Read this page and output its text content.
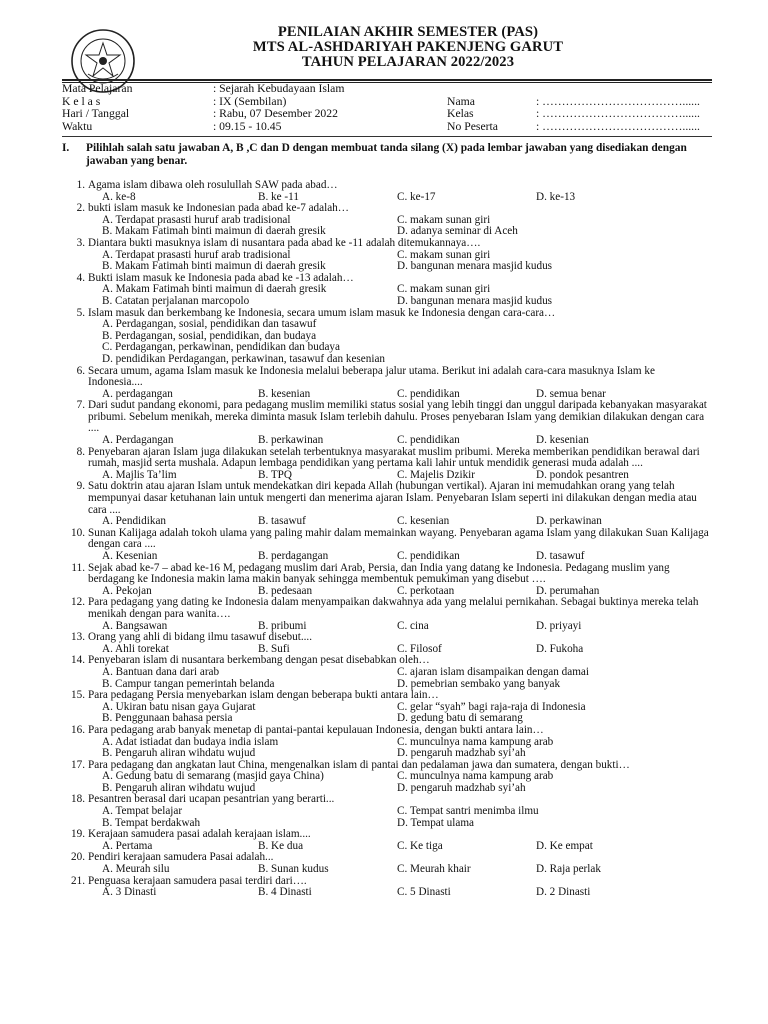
PENILAIAN AKHIR SEMESTER (PAS)
MTS AL-ASHDARIYAH PAKENJENG GARUT
TAHUN PELAJARAN 2022/2023
Mata Pelajaran	: Sejarah Kebudayaan Islam
K e l a s	: IX (Sembilan)	Nama	: ………………………………......
Hari / Tanggal	: Rabu, 07 Desember 2022	Kelas	: ………………………………......
Waktu	: 09.15 - 10.45	No Peserta	: ………………………………......
I. Pilihlah salah satu jawaban A, B ,C dan D dengan membuat tanda silang (X) pada lembar jawaban yang disediakan dengan jawaban yang benar.
1. Agama islam dibawa oleh rosulullah SAW pada abad…
A. ke-8	B. ke -11	C. ke-17	D. ke-13
2. bukti islam masuk ke Indonesian pada abad ke-7 adalah…
A. Terdapat prasasti huruf arab tradisional	C. makam sunan giri
B. Makam Fatimah binti maimun di daerah gresik	D. adanya seminar di Aceh
3. Diantara bukti masuknya islam di nusantara pada abad ke -11 adalah ditemukannaya….
A. Terdapat prasasti huruf arab tradisional	C. makam sunan giri
B. Makam Fatimah binti maimun di daerah gresik	D. bangunan menara masjid kudus
4. Bukti islam masuk ke Indonesia pada abad ke -13 adalah…
A. Makam Fatimah binti maimun di daerah gresik	C. makam sunan giri
B. Catatan perjalanan marcopolo	D. bangunan menara masjid kudus
5. Islam masuk dan berkembang ke Indonesia, secara umum islam masuk ke Indonesia dengan cara-cara…
A. Perdagangan, sosial, pendidikan dan tasawuf
B. Perdagangan, sosial, pendidikan, dan budaya
C. Perdagangan, perkawinan, pendidikan dan budaya
D. pendidikan Perdagangan, perkawinan, tasawuf dan kesenian
6. Secara umum, agama Islam masuk ke Indonesia melalui beberapa jalur utama. Berikut ini adalah cara-cara masuknya Islam ke Indonesia....
A. perdagangan	B. kesenian	C. pendidikan	D. semua benar
7. Dari sudut pandang ekonomi, para pedagang muslim memiliki status sosial yang lebih tinggi dan unggul daripada kebanyakan masyarakat pribumi. Sebelum menikah, mereka diminta masuk Islam terlebih dahulu. Proses penyebaran Islam yang demikian dilakukan dengan cara ....
A. Perdagangan	B. perkawinan	C. pendidikan	D. kesenian
8. Penyebaran ajaran Islam juga dilakukan setelah terbentuknya masyarakat muslim pribumi. Mereka memberikan pendidikan berawal dari rumah, masjid serta mushala. Adapun lembaga pendidikan yang pertama kali lahir untuk mendidik generasi muda adalah ....
A. Majlis Ta’lim	B. TPQ	C. Majelis Dzikir	D. pondok pesantren
9. Satu doktrin atau ajaran Islam untuk mendekatkan diri kepada Allah (hubungan vertikal). Ajaran ini memudahkan orang yang telah mempunyai dasar ketuhanan lain untuk mengerti dan menerima ajaran Islam. Penyebaran Islam seperti ini dilakukan dengan media atau cara ....
A. Pendidikan	B. tasawuf	C. kesenian	D. perkawinan
10. Sunan Kalijaga adalah tokoh ulama yang paling mahir dalam memainkan wayang. Penyebaran agama Islam yang dilakukan Suan Kalijaga dengan cara ....
A. Kesenian	B. perdagangan	C. pendidikan	D. tasawuf
11. Sejak abad ke-7 – abad ke-16 M, pedagang muslim dari Arab, Persia, dan India yang datang ke Indonesia. Pedagang muslim yang berdagang ke Indonesia makin lama makin banyak sehingga membentuk pemukiman yang disebut ….
A. Pekojan	B. pedesaan	C. perkotaan	D. perumahan
12. Para pedagang yang dating ke Indonesia dalam menyampaikan dakwahnya ada yang melalui pernikahan. Sebagai buktinya mereka telah menikah dengan para wanita….
A. Bangsawan	B. pribumi	C. cina	D. priyayi
13. Orang yang ahli di bidang ilmu tasawuf disebut....
A. Ahli torekat	B. Sufi	C. Filosof	D. Fukoha
14. Penyebaran islam di nusantara berkembang dengan pesat disebabkan oleh…
A. Bantuan dana dari arab	C. ajaran islam disampaikan dengan damai
B. Campur tangan pemerintah belanda	D. pemebrian sembako yang banyak
15. Para pedagang Persia menyebarkan islam dengan beberapa bukti antara lain…
A. Ukiran batu nisan gaya Gujarat	C. gelar “syah” bagi raja-raja di Indonesia
B. Penggunaan bahasa persia	D. gedung batu di semarang
16. Para pedagang arab banyak menetap di pantai-pantai kepulauan Indonesia, dengan bukti antara lain…
A. Adat istiadat dan budaya india islam	C. munculnya nama kampung arab
B. Pengaruh aliran wihdatu wujud	D. pengaruh madzhab syi’ah
17. Para pedagang dan angkatan laut China, mengenalkan islam di pantai dan pedalaman jawa dan sumatera, dengan bukti…
A. Gedung batu di semarang (masjid gaya China)	C. munculnya nama kampung arab
B. Pengaruh aliran wihdatu wujud	D. pengaruh madzhab syi’ah
18. Pesantren berasal dari ucapan pesantrian yang berarti...
A. Tempat belajar	C. Tempat santri menimba ilmu
B. Tempat berdakwah	D. Tempat ulama
19. Kerajaan samudera pasai adalah kerajaan islam....
A. Pertama	B. Ke dua	C. Ke tiga	D. Ke empat
20. Pendiri kerajaan samudera Pasai adalah...
A. Meurah silu	B. Sunan kudus	C. Meurah khair	D. Raja perlak
21. Penguasa kerajaan samudera pasai terdiri dari….
A. 3 Dinasti	B. 4 Dinasti	C. 5 Dinasti	D. 2 Dinasti
